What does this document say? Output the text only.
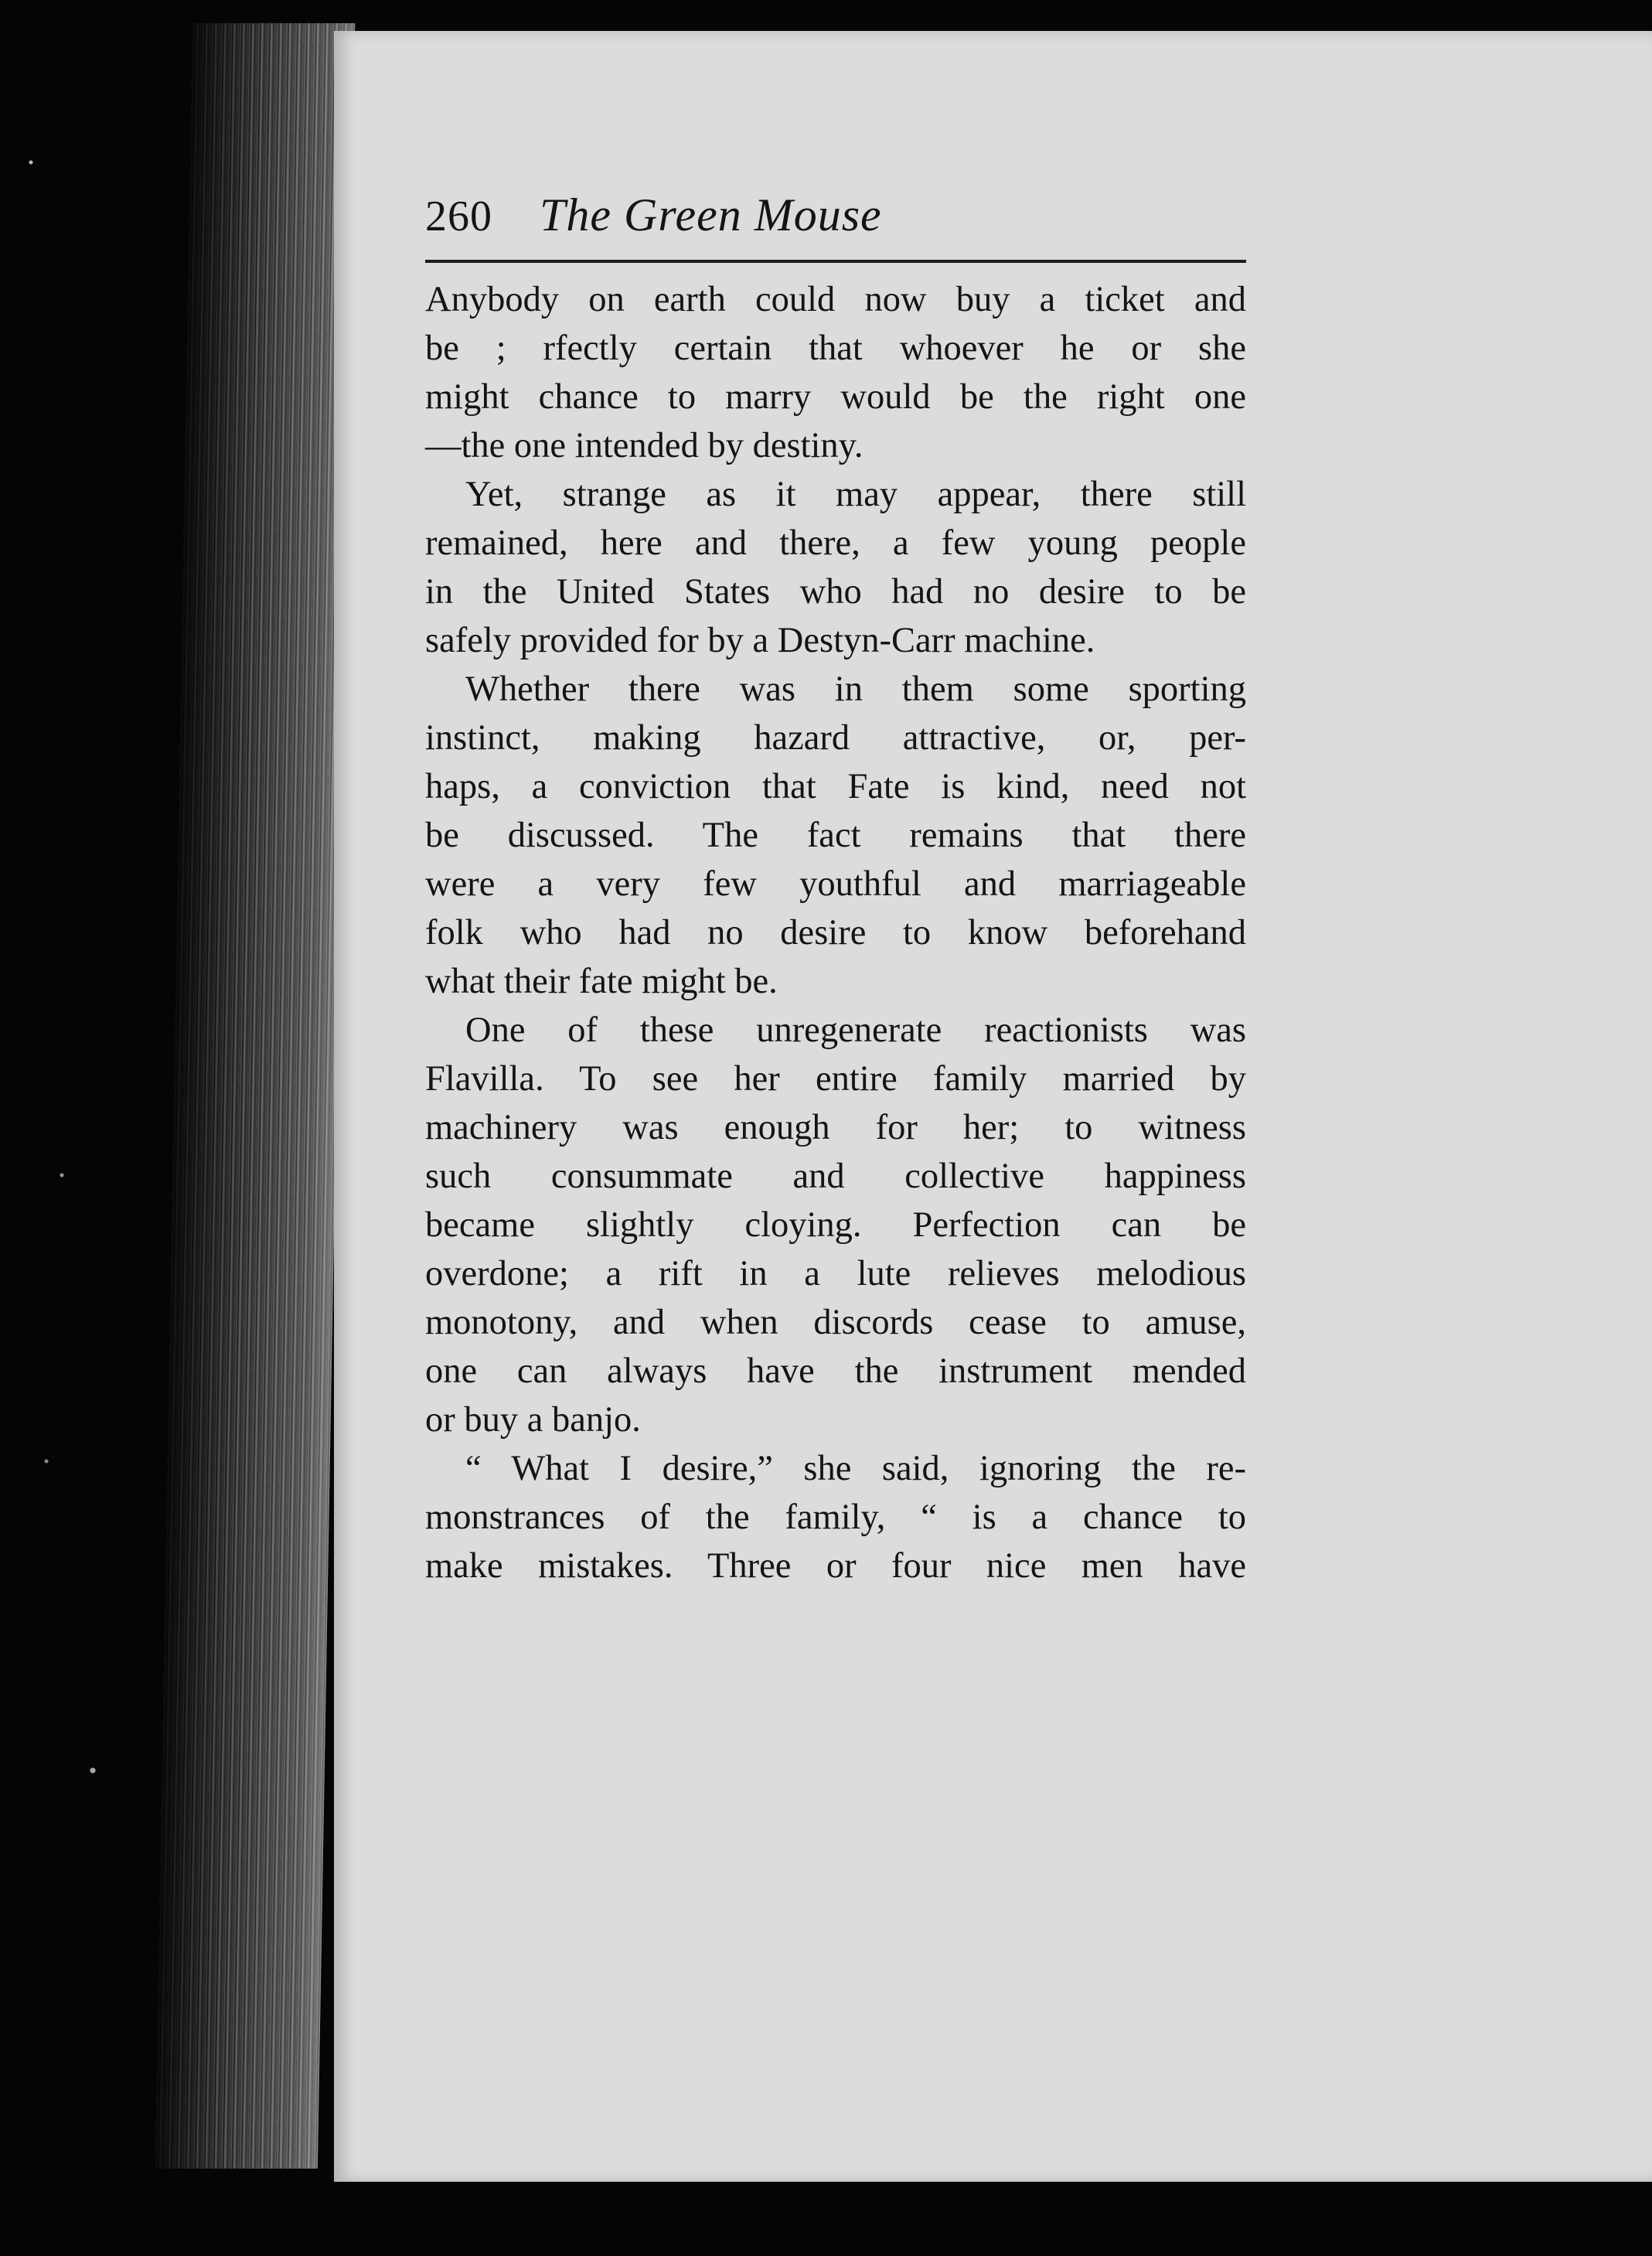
260 The Green Mouse

Anybody on earth could now buy a ticket and
be ; rfectly certain that whoever he or she
might chance to marry would be the right one
—the one intended by destiny.

Yet, strange as it may appear, there still
remained, here and there, a few young people
in the United States who had no desire to be
safely provided for by a Destyn-Carr machine.

Whether there was in them some sporting
instinct, making hazard attractive, or, per-
haps, a conviction that Fate is kind, need not
be discussed. The fact remains that there
were a very few youthful and marriageable
folk who had no desire to know beforehand
what their fate might be.

One of these unregenerate reactionists was
Flavilla. To see her entire family married by
machinery was enough for her; to witness
such consummate and collective happiness
became slightly cloying. Perfection can be
overdone; a rift in a lute relieves melodious
monotony, and when discords cease to amuse,
one can always have the instrument mended
or buy a banjo.

“ What I desire,” she said, ignoring the re-
monstrances of the family, “ is a chance to
make mistakes. Three or four nice men have
